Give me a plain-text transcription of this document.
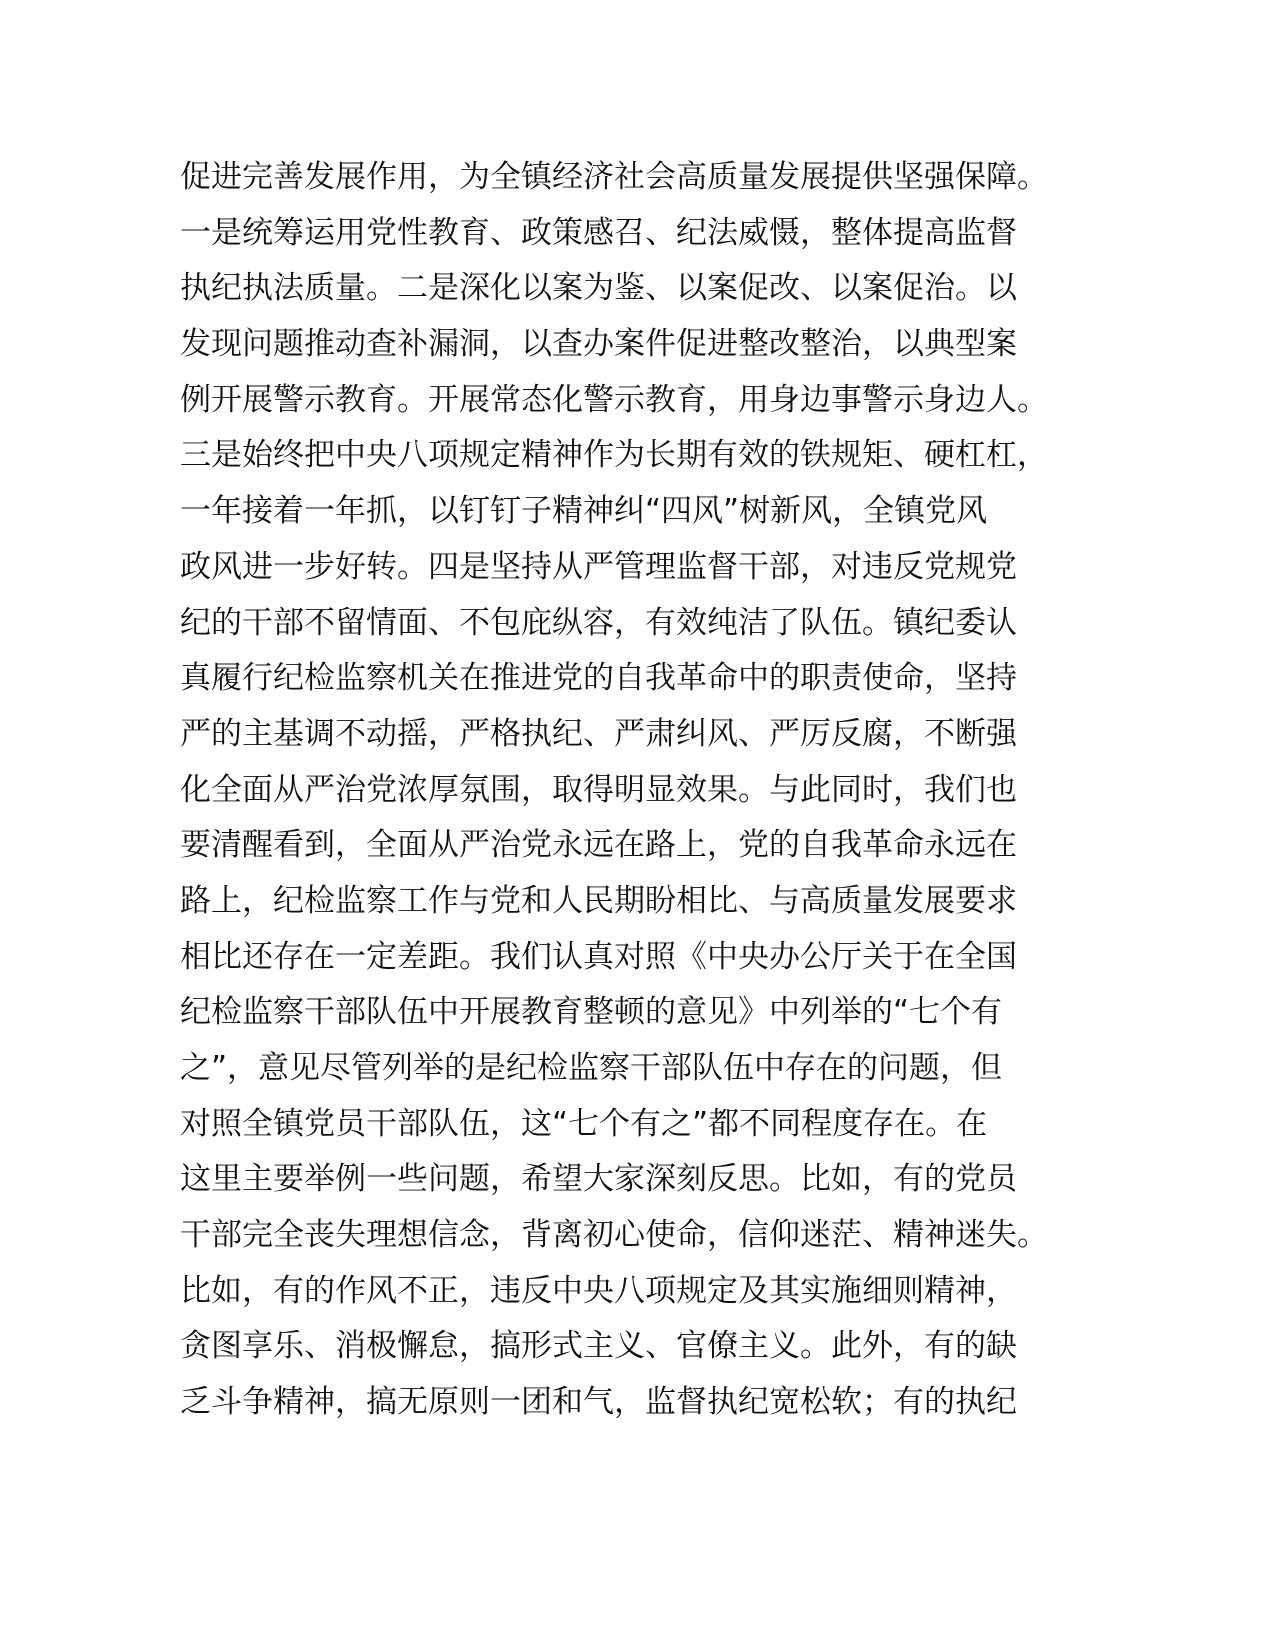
促进完善发展作用，为全镇经济社会高质量发展提供坚强保障。
一是统筹运用党性教育、政策感召、纪法威慑，整体提高监督
执纪执法质量。二是深化以案为鉴、以案促改、以案促治。以
发现问题推动查补漏洞，以查办案件促进整改整治，以典型案
例开展警示教育。开展常态化警示教育，用身边事警示身边人。
三是始终把中央八项规定精神作为长期有效的铁规矩、硬杠杠，
一年接着一年抓，以钉钉子精神纠“四风”树新风，全镇党风
政风进一步好转。四是坚持从严管理监督干部，对违反党规党
纪的干部不留情面、不包庇纵容，有效纯洁了队伍。镇纪委认
真履行纪检监察机关在推进党的自我革命中的职责使命，坚持
严的主基调不动摇，严格执纪、严肃纠风、严厉反腐，不断强
化全面从严治党浓厚氛围，取得明显效果。与此同时，我们也
要清醒看到，全面从严治党永远在路上，党的自我革命永远在
路上，纪检监察工作与党和人民期盼相比、与高质量发展要求
相比还存在一定差距。我们认真对照《中央办公厅关于在全国
纪检监察干部队伍中开展教育整顿的意见》中列举的“七个有
之”，意见尽管列举的是纪检监察干部队伍中存在的问题，但
对照全镇党员干部队伍，这“七个有之”都不同程度存在。在
这里主要举例一些问题，希望大家深刻反思。比如，有的党员
干部完全丧失理想信念，背离初心使命，信仰迷茫、精神迷失。
比如，有的作风不正，违反中央八项规定及其实施细则精神，
贪图享乐、消极懈怠，搞形式主义、官僚主义。此外，有的缺
乏斗争精神，搞无原则一团和气，监督执纪宽松软；有的执纪
